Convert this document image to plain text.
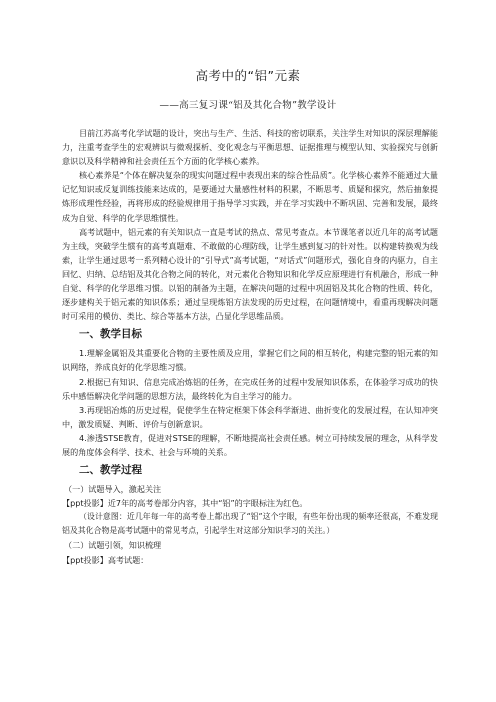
高考中的“铝”元素
——高三复习课“铝及其化合物”教学设计

目前江苏高考化学试题的设计，突出与生产、生活、科技的密切联系，关注学生对知识的深层理解能力，注重考查学生的宏观辨识与微观探析、变化观念与平衡思想、证据推理与模型认知、实验探究与创新意识以及科学精神和社会责任五个方面的化学核心素养。

核心素养是“个体在解决复杂的现实问题过程中表现出来的综合性品质”。化学核心素养不能通过大量记忆知识或反复训练技能来达成的，是要通过大量感性材料的积累，不断思考、质疑和探究，然后抽象提炼形成理性经验，再将形成的经验规律用于指导学习实践，并在学习实践中不断巩固、完善和发展，最终成为自觉、科学的化学思维惯性。

高考试题中，铝元素的有关知识点一直是考试的热点、常见考查点。本节课笔者以近几年的高考试题为主线，突破学生惯有的高考真题难、不敢做的心理防线，让学生感到复习的针对性。以构建转换观为线索，让学生通过思考一系列精心设计的“引导式”高考试题，“对话式”问题形式，强化自身的内驱力，自主回忆、归纳、总结铝及其化合物之间的转化，对元素化合物知识和化学反应原理进行有机融合，形成一种自觉、科学的化学思维习惯。以铝的制备为主题，在解决问题的过程中巩固铝及其化合物的性质、转化，逐步建构关于铝元素的知识体系；通过呈现炼铝方法发现的历史过程，在问题情境中，看重再现解决问题时可采用的模仿、类比、综合等基本方法，凸显化学思维品质。

一、教学目标

1.理解金属铝及其重要化合物的主要性质及应用，掌握它们之间的相互转化，构建完整的铝元素的知识网络，养成良好的化学思维习惯。

2.根据已有知识、信息完成冶炼铝的任务，在完成任务的过程中发展知识体系，在体验学习成功的快乐中感悟解决化学问题的思想方法，最终转化为自主学习的能力。

3.再现铝冶炼的历史过程，促使学生在特定框架下体会科学渐进、曲折变化的发展过程，在认知冲突中，激发质疑、判断、评价与创新意识。

4.渗透STSE教育，促进对STSE的理解，不断地提高社会责任感。树立可持续发展的理念，从科学发展的角度体会科学、技术、社会与环境的关系。

二、教学过程

（一）试题导入，激起关注

【ppt投影】近7年的高考卷部分内容，其中“铝”的字眼标注为红色。

（设计意图：近几年每一年的高考卷上都出现了“铝”这个字眼，有些年份出现的频率还很高，不难发现铝及其化合物是高考试题中的常见考点，引起学生对这部分知识学习的关注。）

（二）试题引领，知识梳理

【ppt投影】高考试题：
